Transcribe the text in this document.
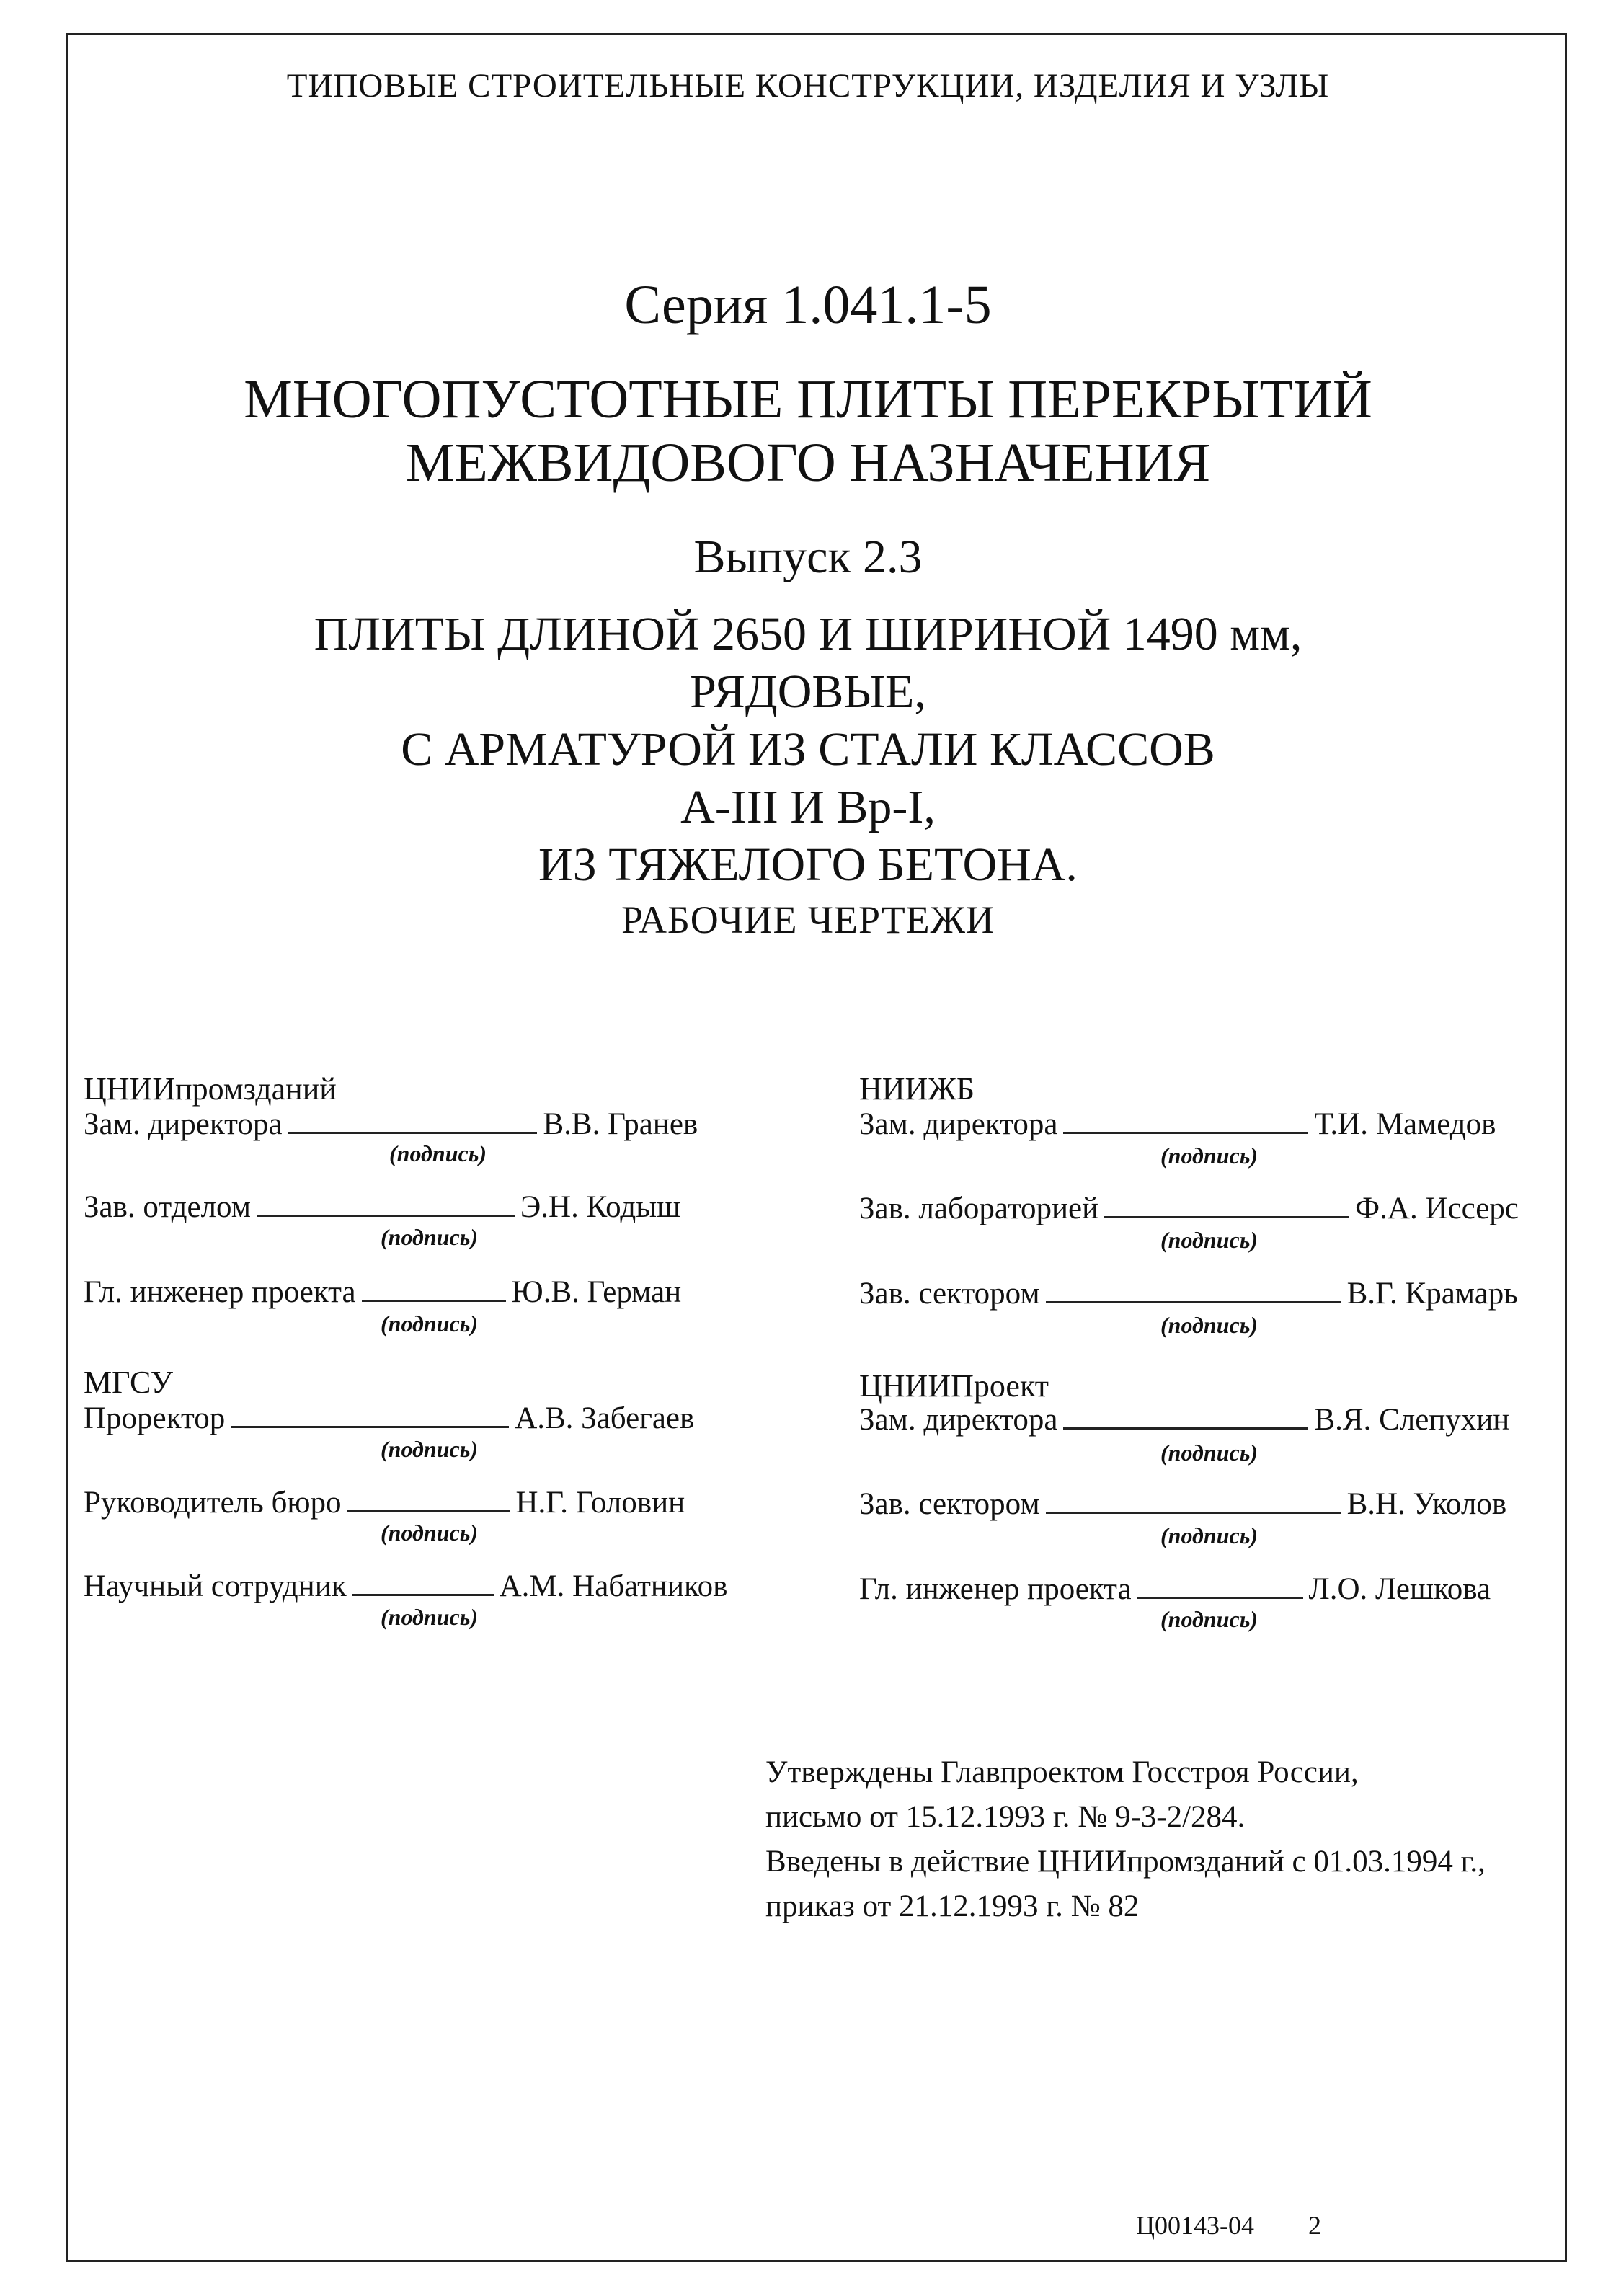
ТИПОВЫЕ СТРОИТЕЛЬНЫЕ КОНСТРУКЦИИ, ИЗДЕЛИЯ И УЗЛЫ
Серия 1.041.1-5
МНОГОПУСТОТНЫЕ ПЛИТЫ ПЕРЕКРЫТИЙ
МЕЖВИДОВОГО НАЗНАЧЕНИЯ
Выпуск 2.3
ПЛИТЫ ДЛИНОЙ 2650 И ШИРИНОЙ 1490 мм,
РЯДОВЫЕ,
С АРМАТУРОЙ ИЗ СТАЛИ КЛАССОВ
А-III И Вр-I,
ИЗ ТЯЖЕЛОГО БЕТОНА.
РАБОЧИЕ ЧЕРТЕЖИ
ЦНИИпромзданий
Зам. директора	В.В. Гранев
(подпись)
Зав. отделом	Э.Н. Кодыш
(подпись)
Гл. инженер проекта	Ю.В. Герман
(подпись)
МГСУ
Проректор	А.В. Забегаев
(подпись)
Руководитель бюро	Н.Г. Головин
(подпись)
Научный сотрудник	А.М. Набатников
(подпись)
НИИЖБ
Зам. директора	Т.И. Мамедов
(подпись)
Зав. лабораторией	Ф.А. Иссерс
(подпись)
Зав. сектором	В.Г. Крамарь
(подпись)
ЦНИИПроект
Зам. директора	В.Я. Слепухин
(подпись)
Зав. сектором	В.Н. Уколов
(подпись)
Гл. инженер проекта	Л.О. Лешкова
(подпись)
Утверждены Главпроектом Госстроя России,
письмо от 15.12.1993 г. № 9-3-2/284.
Введены в действие ЦНИИпромзданий с 01.03.1994 г.,
приказ от 21.12.1993 г. № 82
Ц00143-04 2
